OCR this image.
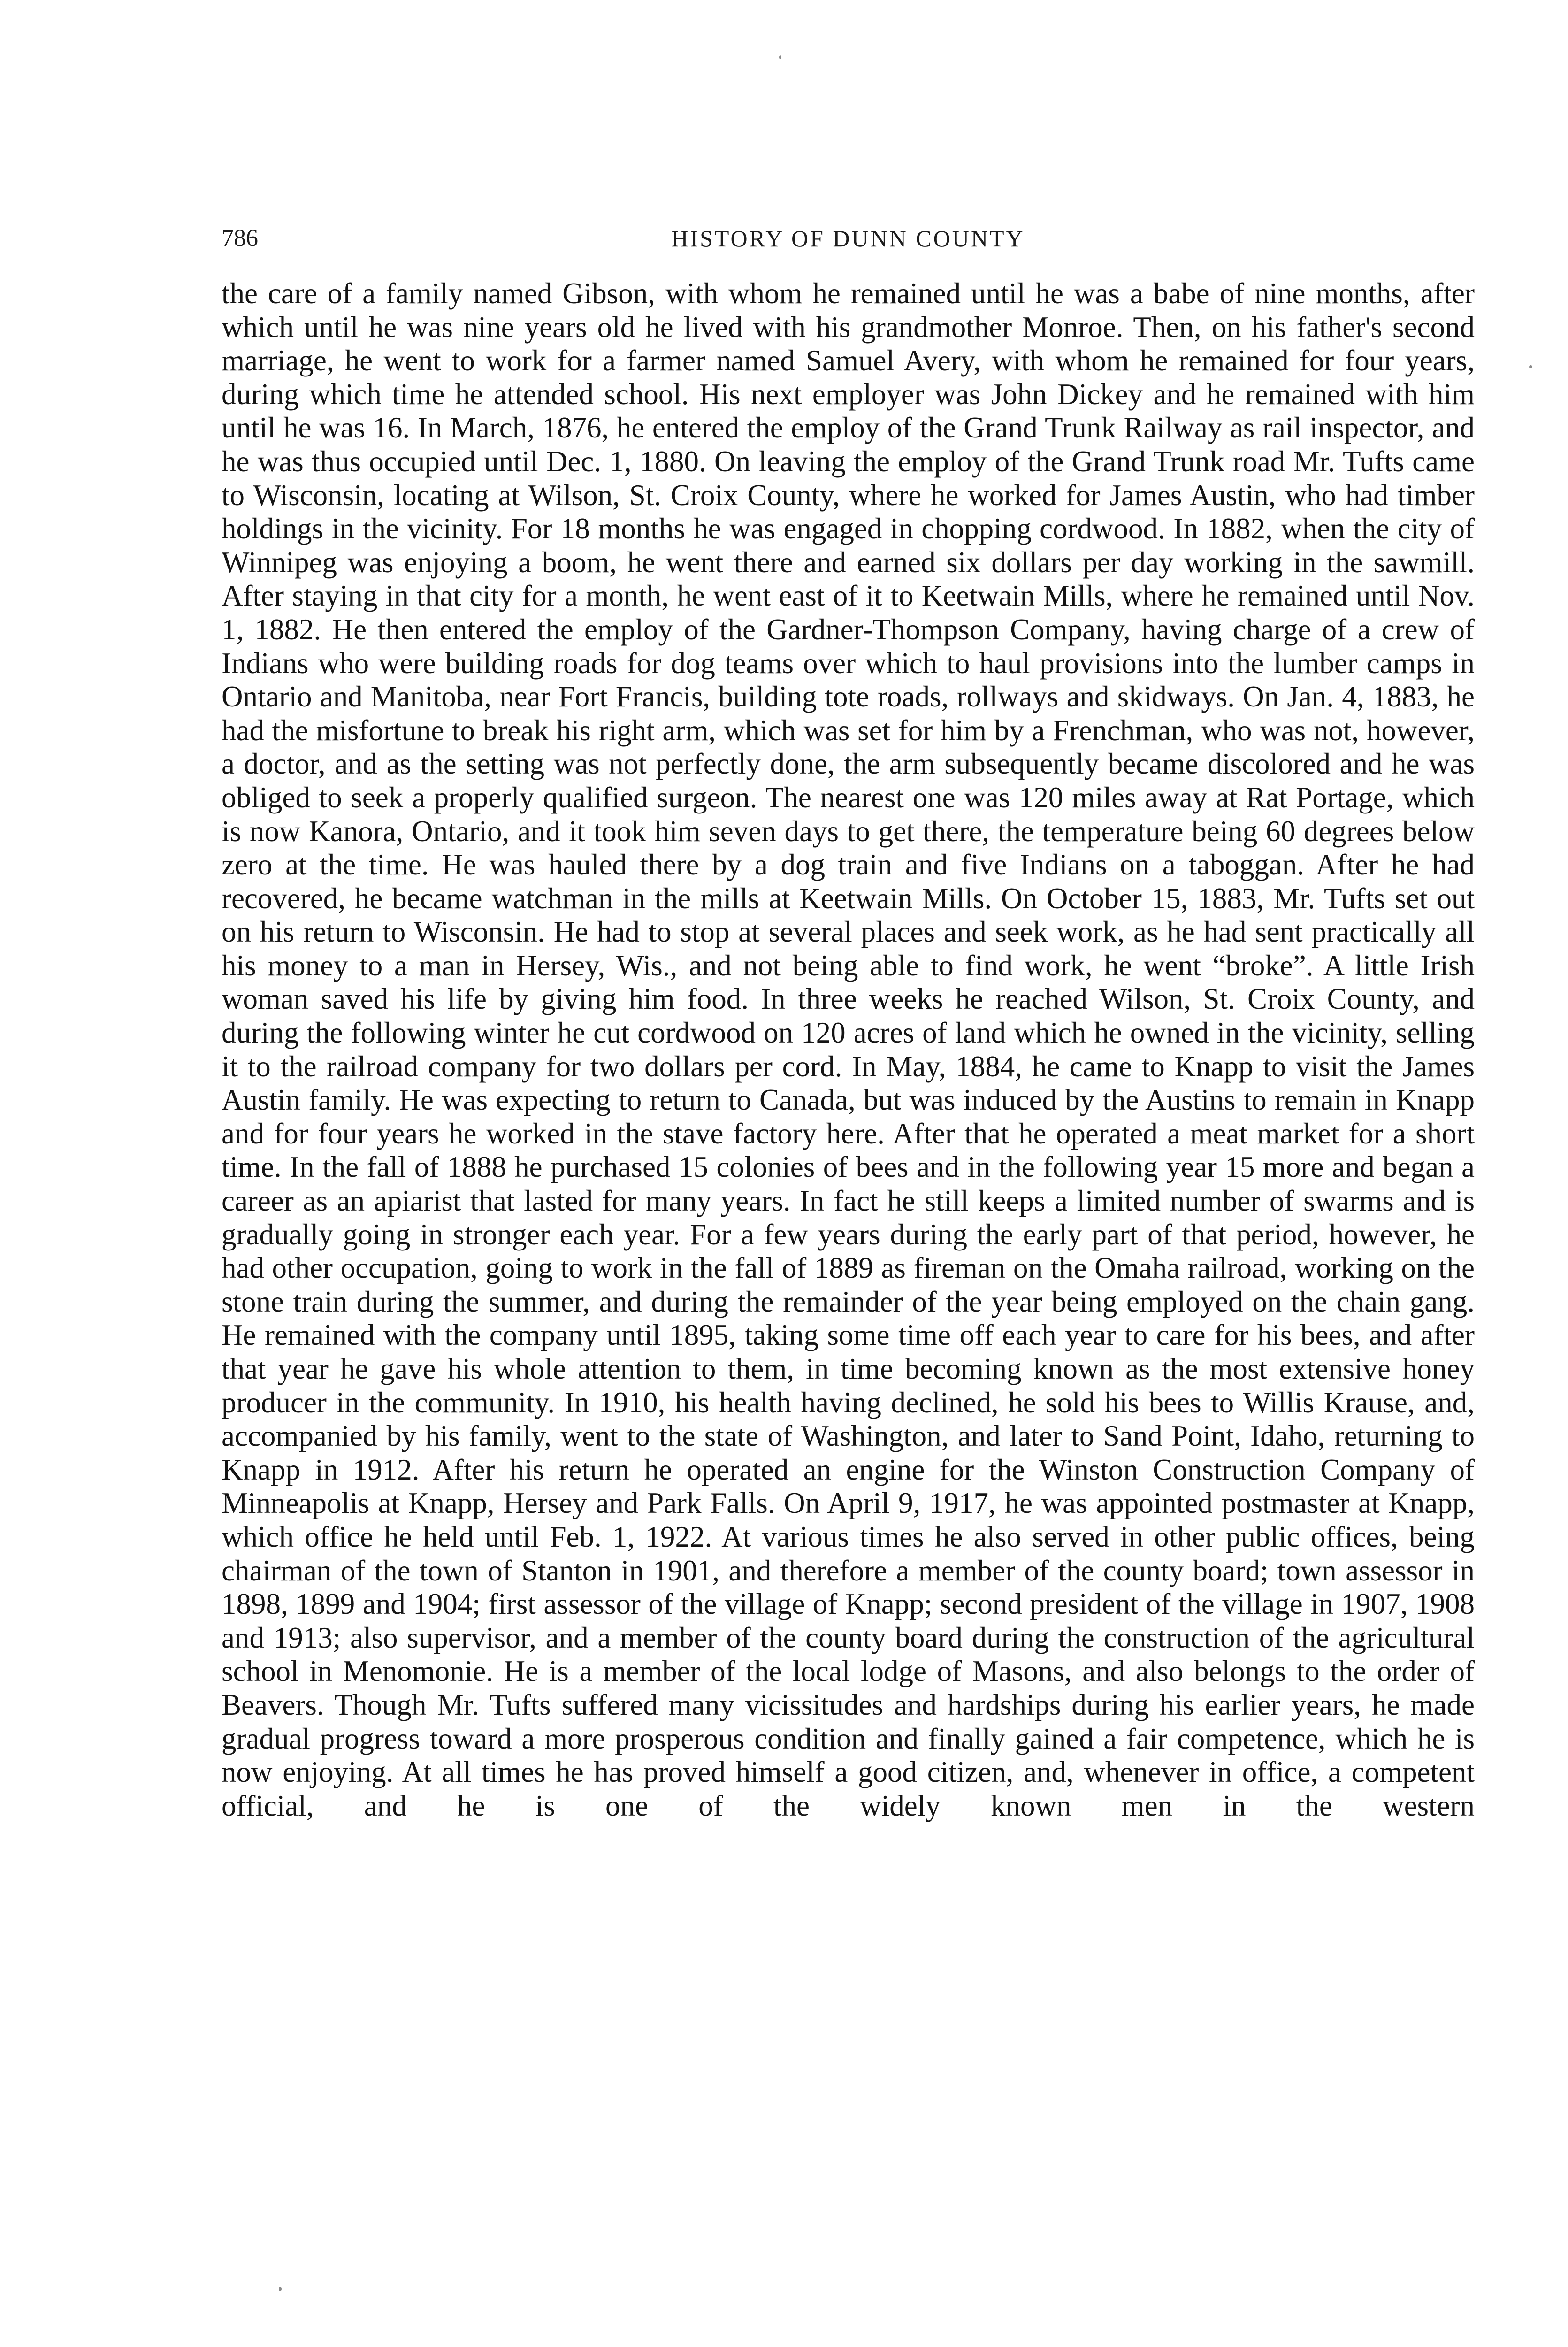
786	HISTORY OF DUNN COUNTY

the care of a family named Gibson, with whom he remained until he was a babe of nine months, after which until he was nine years old he lived with his grandmother Monroe. Then, on his father's second marriage, he went to work for a farmer named Samuel Avery, with whom he remained for four years, during which time he attended school. His next employer was John Dickey and he remained with him until he was 16. In March, 1876, he entered the employ of the Grand Trunk Railway as rail inspector, and he was thus occupied until Dec. 1, 1880. On leaving the employ of the Grand Trunk road Mr. Tufts came to Wisconsin, locating at Wilson, St. Croix County, where he worked for James Austin, who had timber holdings in the vicinity. For 18 months he was engaged in chopping cordwood. In 1882, when the city of Winnipeg was enjoying a boom, he went there and earned six dollars per day working in the sawmill. After staying in that city for a month, he went east of it to Keetwain Mills, where he remained until Nov. 1, 1882. He then entered the employ of the Gardner-Thompson Company, having charge of a crew of Indians who were building roads for dog teams over which to haul provisions into the lumber camps in Ontario and Manitoba, near Fort Francis, building tote roads, rollways and skidways. On Jan. 4, 1883, he had the misfortune to break his right arm, which was set for him by a Frenchman, who was not, however, a doctor, and as the setting was not perfectly done, the arm subsequently became discolored and he was obliged to seek a properly qualified surgeon. The nearest one was 120 miles away at Rat Portage, which is now Kanora, Ontario, and it took him seven days to get there, the temperature being 60 degrees below zero at the time. He was hauled there by a dog train and five Indians on a taboggan. After he had recovered, he became watchman in the mills at Keetwain Mills. On October 15, 1883, Mr. Tufts set out on his return to Wisconsin. He had to stop at several places and seek work, as he had sent practically all his money to a man in Hersey, Wis., and not being able to find work, he went “broke”. A little Irish woman saved his life by giving him food. In three weeks he reached Wilson, St. Croix County, and during the following winter he cut cordwood on 120 acres of land which he owned in the vicinity, selling it to the railroad company for two dollars per cord. In May, 1884, he came to Knapp to visit the James Austin family. He was expecting to return to Canada, but was induced by the Austins to remain in Knapp and for four years he worked in the stave factory here. After that he operated a meat market for a short time. In the fall of 1888 he purchased 15 colonies of bees and in the following year 15 more and began a career as an apiarist that lasted for many years. In fact he still keeps a limited number of swarms and is gradually going in stronger each year. For a few years during the early part of that period, however, he had other occupation, going to work in the fall of 1889 as fireman on the Omaha railroad, working on the stone train during the summer, and during the remainder of the year being employed on the chain gang. He remained with the company until 1895, taking some time off each year to care for his bees, and after that year he gave his whole attention to them, in time becoming known as the most extensive honey producer in the community. In 1910, his health having declined, he sold his bees to Willis Krause, and, accompanied by his family, went to the state of Washington, and later to Sand Point, Idaho, returning to Knapp in 1912. After his return he operated an engine for the Winston Construction Company of Minneapolis at Knapp, Hersey and Park Falls. On April 9, 1917, he was appointed postmaster at Knapp, which office he held until Feb. 1, 1922. At various times he also served in other public offices, being chairman of the town of Stanton in 1901, and therefore a member of the county board; town assessor in 1898, 1899 and 1904; first assessor of the village of Knapp; second president of the village in 1907, 1908 and 1913; also supervisor, and a member of the county board during the construction of the agricultural school in Menomonie. He is a member of the local lodge of Masons, and also belongs to the order of Beavers. Though Mr. Tufts suffered many vicissitudes and hardships during his earlier years, he made gradual progress toward a more prosperous condition and finally gained a fair competence, which he is now enjoying. At all times he has proved himself a good citizen, and, whenever in office, a competent official, and he is one of the widely known men in the western
